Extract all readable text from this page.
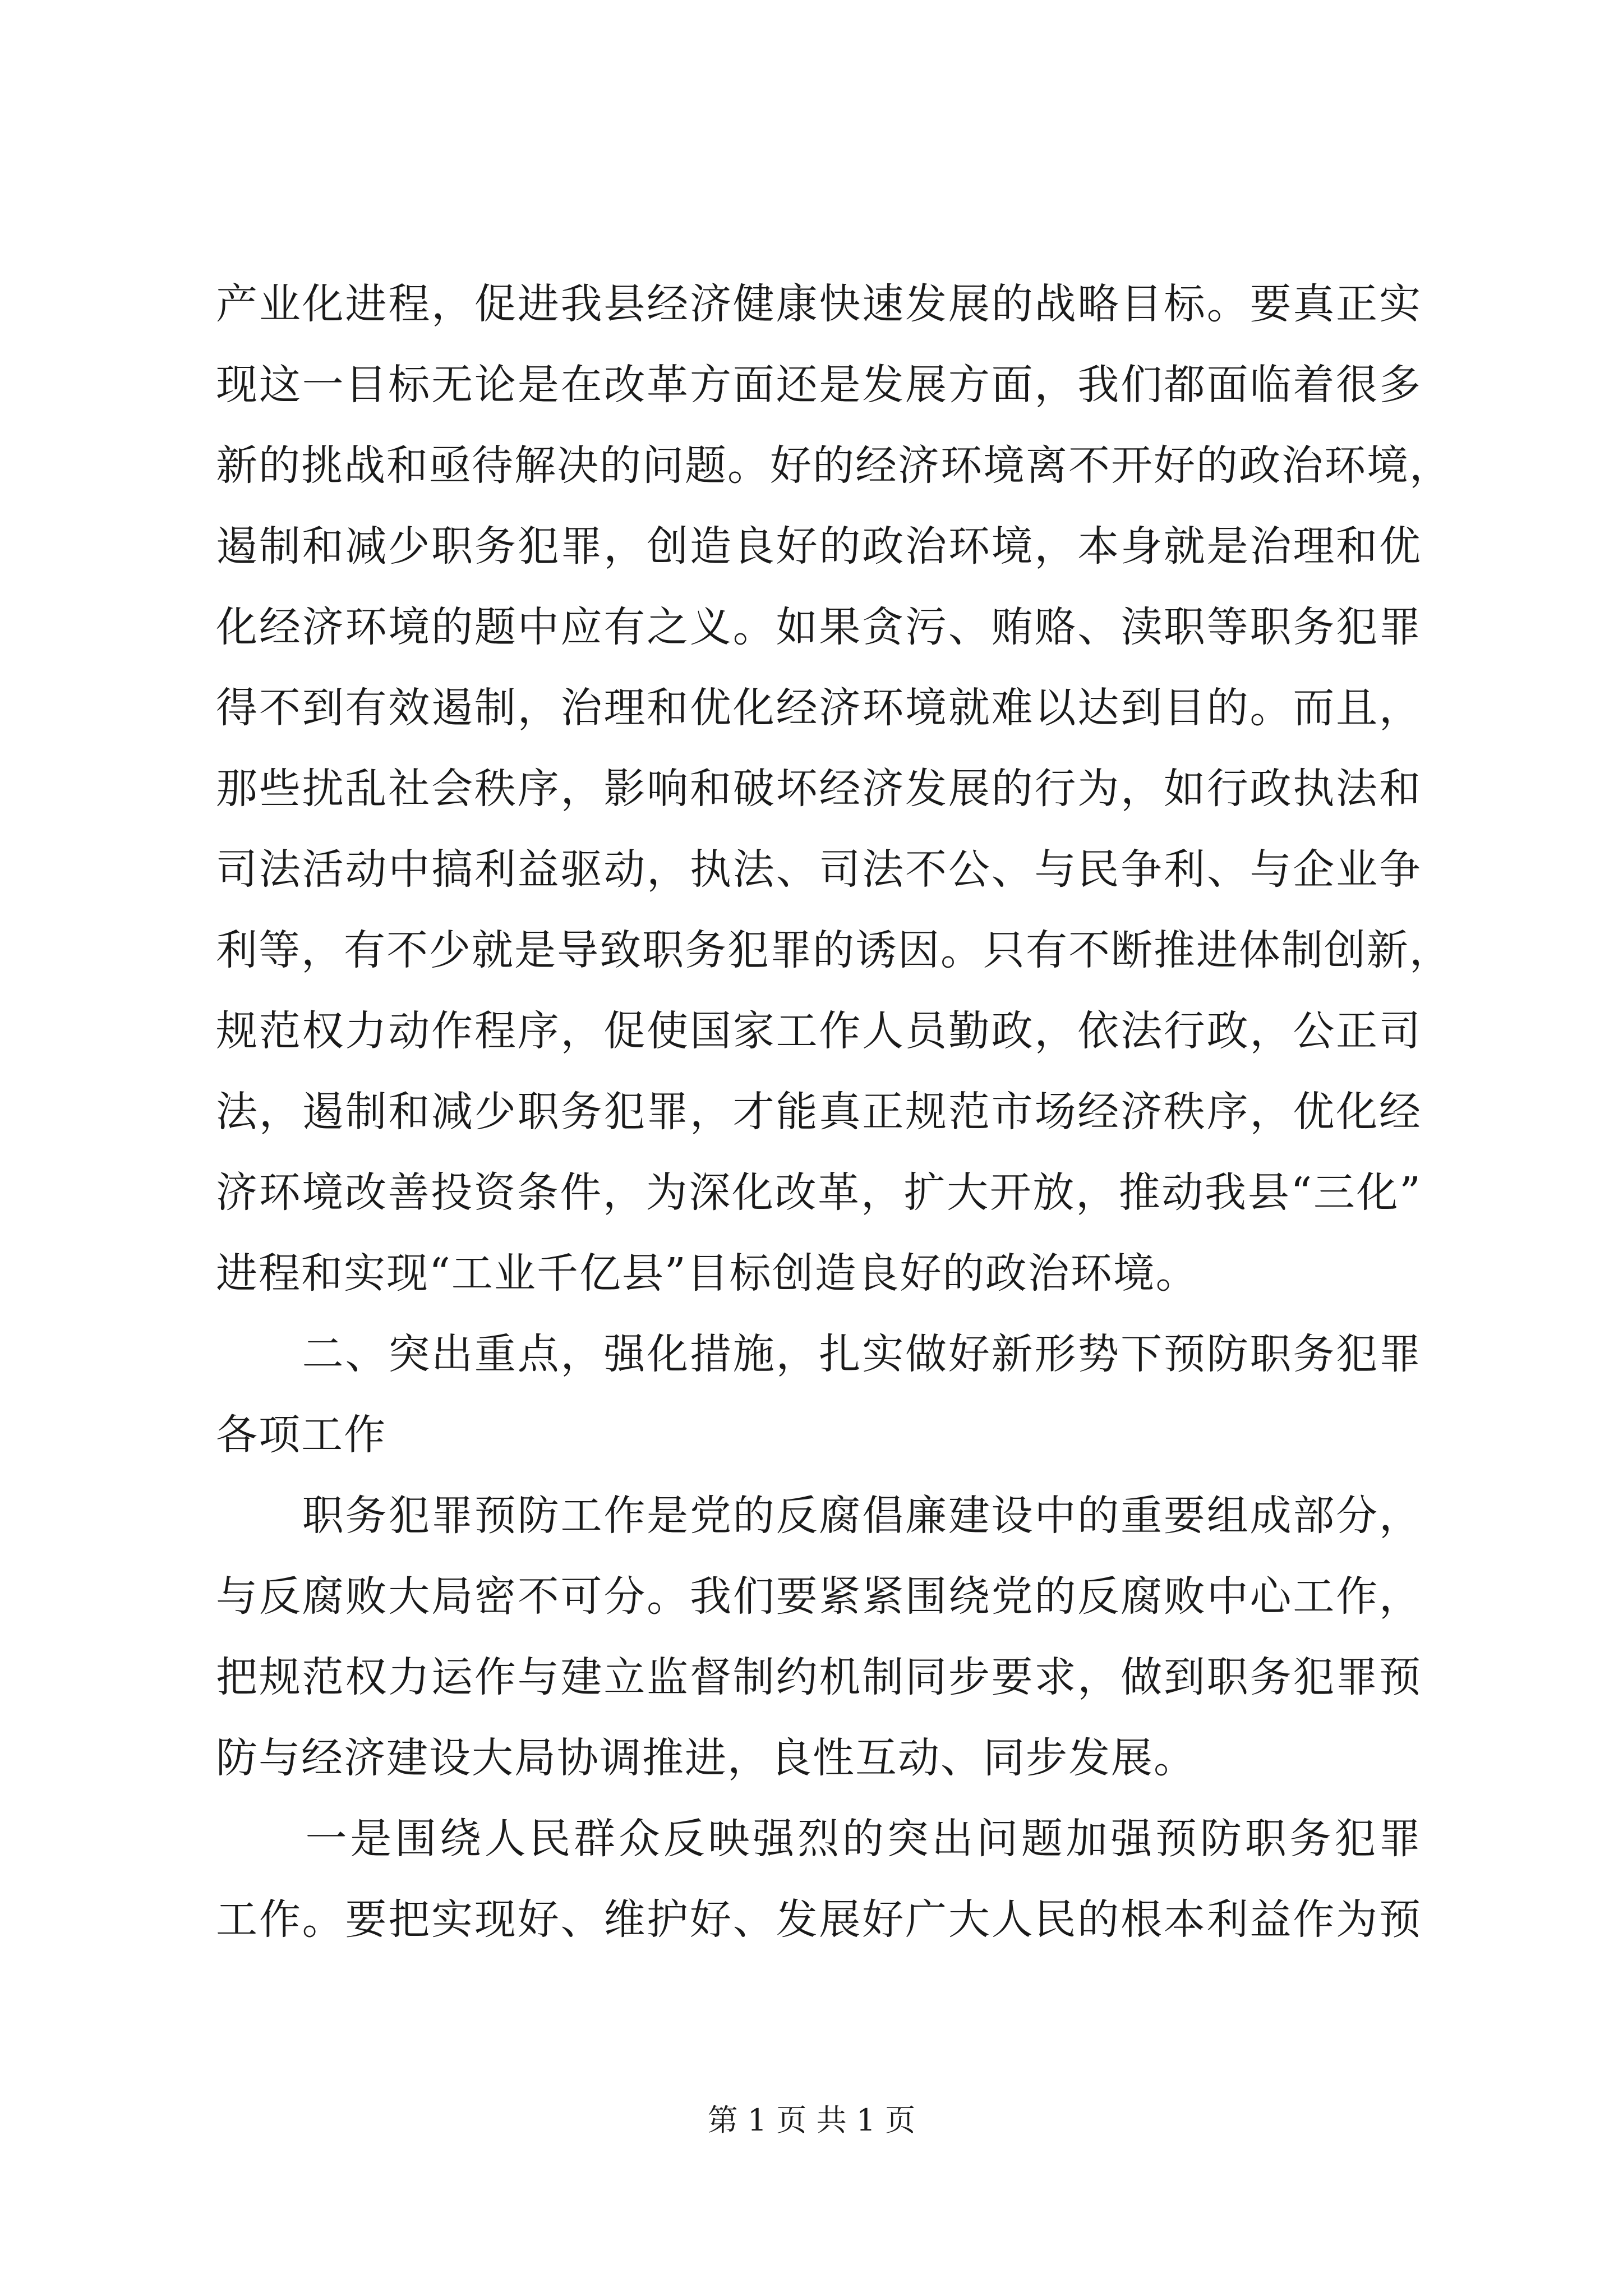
产业化进程，促进我县经济健康快速发展的战略目标。要真正实
现这一目标无论是在改革方面还是发展方面，我们都面临着很多
新的挑战和亟待解决的问题。好的经济环境离不开好的政治环境，
遏制和减少职务犯罪，创造良好的政治环境，本身就是治理和优
化经济环境的题中应有之义。如果贪污、贿赂、渎职等职务犯罪
得不到有效遏制，治理和优化经济环境就难以达到目的。而且，
那些扰乱社会秩序，影响和破坏经济发展的行为，如行政执法和
司法活动中搞利益驱动，执法、司法不公、与民争利、与企业争
利等，有不少就是导致职务犯罪的诱因。只有不断推进体制创新，
规范权力动作程序，促使国家工作人员勤政，依法行政，公正司
法，遏制和减少职务犯罪，才能真正规范市场经济秩序，优化经
济环境改善投资条件，为深化改革，扩大开放，推动我县“三化”
进程和实现“工业千亿县”目标创造良好的政治环境。
　　二、突出重点，强化措施，扎实做好新形势下预防职务犯罪
各项工作
　　职务犯罪预防工作是党的反腐倡廉建设中的重要组成部分，
与反腐败大局密不可分。我们要紧紧围绕党的反腐败中心工作，
把规范权力运作与建立监督制约机制同步要求，做到职务犯罪预
防与经济建设大局协调推进，良性互动、同步发展。
　　一是围绕人民群众反映强烈的突出问题加强预防职务犯罪
工作。要把实现好、维护好、发展好广大人民的根本利益作为预
第 1 页 共 1 页
